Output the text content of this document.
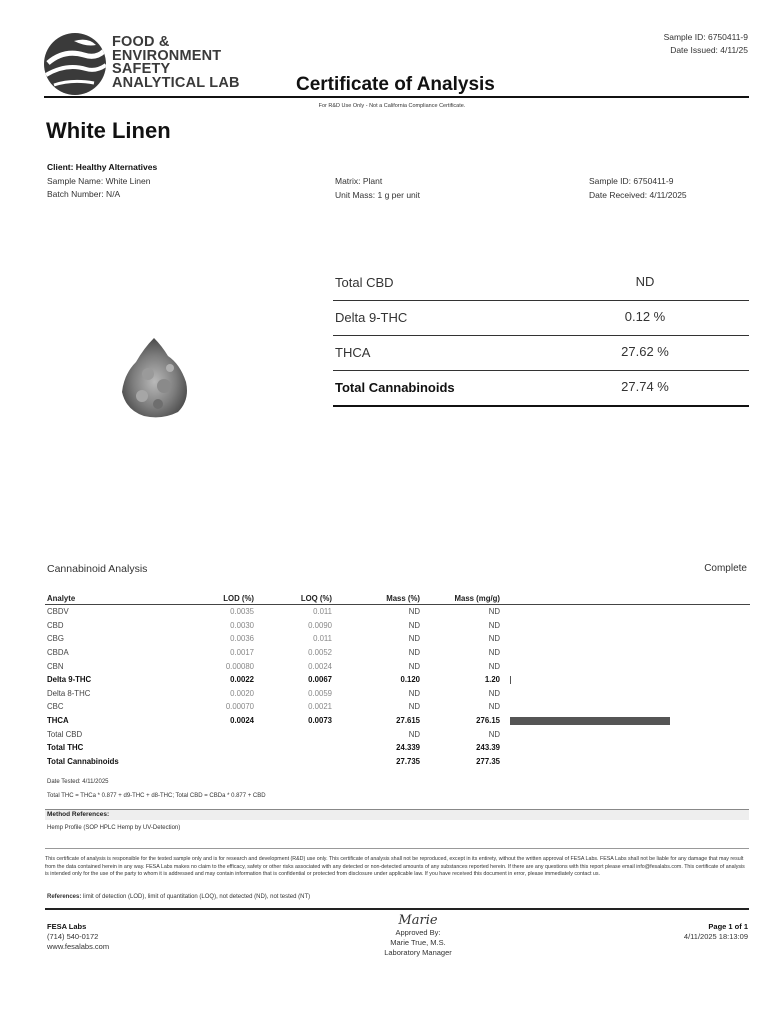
FOOD &
ENVIRONMENT
SAFETY
ANALYTICAL LAB
Sample ID: 6750411-9
Date Issued: 4/11/25
Certificate of Analysis
For R&D Use Only - Not a California Compliance Certificate.
White Linen
Client: Healthy Alternatives
Sample Name: White Linen
Batch Number: N/A
Matrix: Plant
Unit Mass: 1 g per unit
Sample ID: 6750411-9
Date Received: 4/11/2025
Total CBD	ND
Delta 9-THC	0.12 %
THCA	27.62 %
Total Cannabinoids	27.74 %
Cannabinoid Analysis	Complete
Analyte	LOD (%)	LOQ (%)	Mass (%)	Mass (mg/g)	
CBDV	0.0035	0.011	ND	ND	
CBD	0.0030	0.0090	ND	ND	
CBG	0.0036	0.011	ND	ND	
CBDA	0.0017	0.0052	ND	ND	
CBN	0.00080	0.0024	ND	ND	
Delta 9-THC	0.0022	0.0067	0.120	1.20	
Delta 8-THC	0.0020	0.0059	ND	ND	
CBC	0.00070	0.0021	ND	ND	
THCA	0.0024	0.0073	27.615	276.15	
Total CBD			ND	ND	
Total THC			24.339	243.39	
Total Cannabinoids			27.735	277.35	
Date Tested: 4/11/2025
Total THC = THCa * 0.877 + d9-THC + d8-THC; Total CBD = CBDa * 0.877 + CBD
Method References:
Hemp Profile (SOP HPLC Hemp by UV-Detection)
This certificate of analysis is responsible for the tested sample only and is for research and development (R&D) use only. This certificate of analysis shall not be reproduced, except in its entirety, without the written approval of FESA Labs. FESA Labs shall not be liable for any damage that may result from the data contained herein in any way. FESA Labs makes no claim to the efficacy, safety or other risks associated with any detected or non-detected amounts of any substances reported herein. If there are any questions with this report please email info@fesalabs.com. This certificate of analysis is intended only for the use of the party to whom it is addressed and may contain information that is confidential or protected from disclosure under applicable law. If you have received this document in error, please immediately contact us.
References: limit of detection (LOD), limit of quantitation (LOQ), not detected (ND), not tested (NT)
FESA Labs
(714) 540-0172
www.fesalabs.com
Marie
Approved By:
Marie True, M.S.
Laboratory Manager
Page 1 of 1
4/11/2025 18:13:09
